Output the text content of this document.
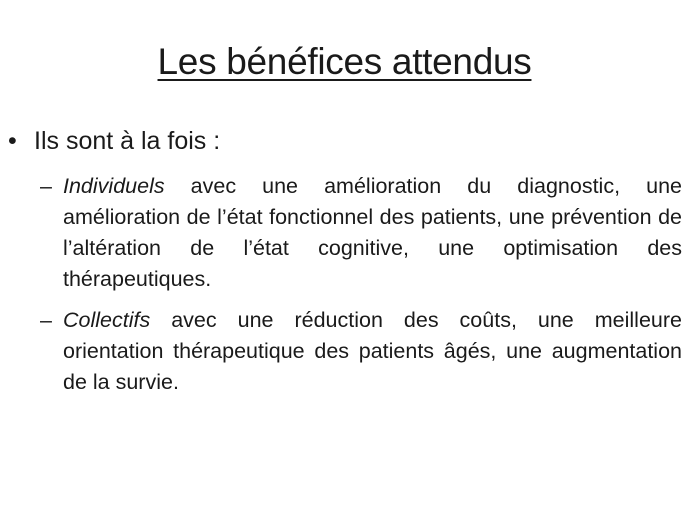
Les bénéfices attendus
• Ils sont à la fois :
– Individuels avec une amélioration du diagnostic, une amélioration de l’état fonctionnel des patients, une prévention de l’altération de l’état cognitive, une optimisation des thérapeutiques.
– Collectifs avec une réduction des coûts, une meilleure orientation thérapeutique des patients âgés, une augmentation de la survie.
